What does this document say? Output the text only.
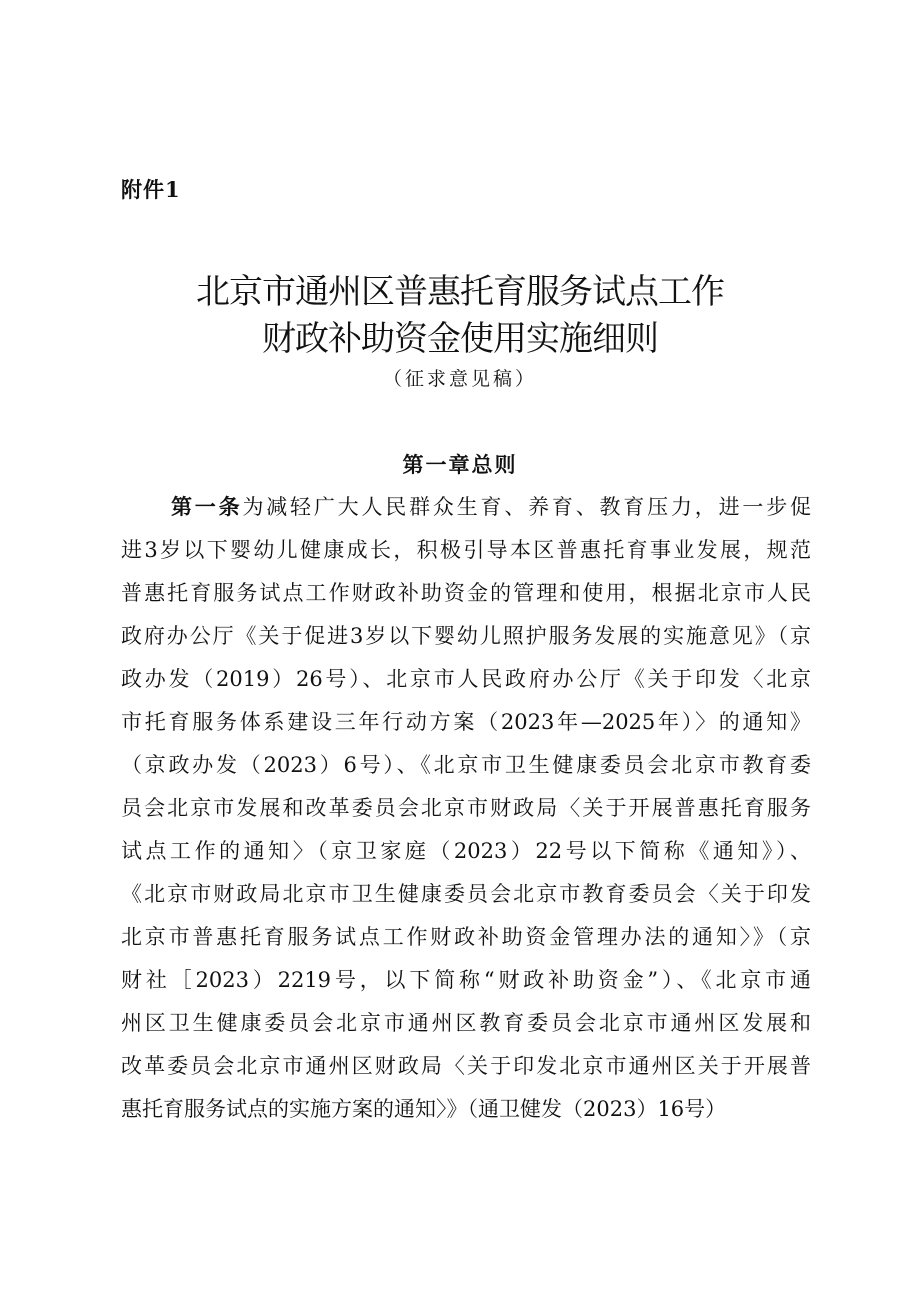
附件1
北京市通州区普惠托育服务试点工作
财政补助资金使用实施细则
（征求意见稿）
第一章总则
第一条为减轻广大人民群众生育、养育、教育压力，进一步促
进3岁以下婴幼儿健康成长，积极引导本区普惠托育事业发展，规范
普惠托育服务试点工作财政补助资金的管理和使用，根据北京市人民
政府办公厅《关于促进3岁以下婴幼儿照护服务发展的实施意见》（京
政办发（2019）26号）、北京市人民政府办公厅《关于印发〈北京
市托育服务体系建设三年行动方案（2023年—2025年）〉的通知》
（京政办发（2023）6号）、《北京市卫生健康委员会北京市教育委
员会北京市发展和改革委员会北京市财政局〈关于开展普惠托育服务
试点工作的通知〉（京卫家庭（2023）22号以下简称《通知》）、
《北京市财政局北京市卫生健康委员会北京市教育委员会〈关于印发
北京市普惠托育服务试点工作财政补助资金管理办法的通知〉》（京
财社［2023）2219号，以下简称“财政补助资金”）、《北京市通
州区卫生健康委员会北京市通州区教育委员会北京市通州区发展和
改革委员会北京市通州区财政局〈关于印发北京市通州区关于开展普
惠托育服务试点的实施方案的通知〉》（通卫健发（2023）16号）
